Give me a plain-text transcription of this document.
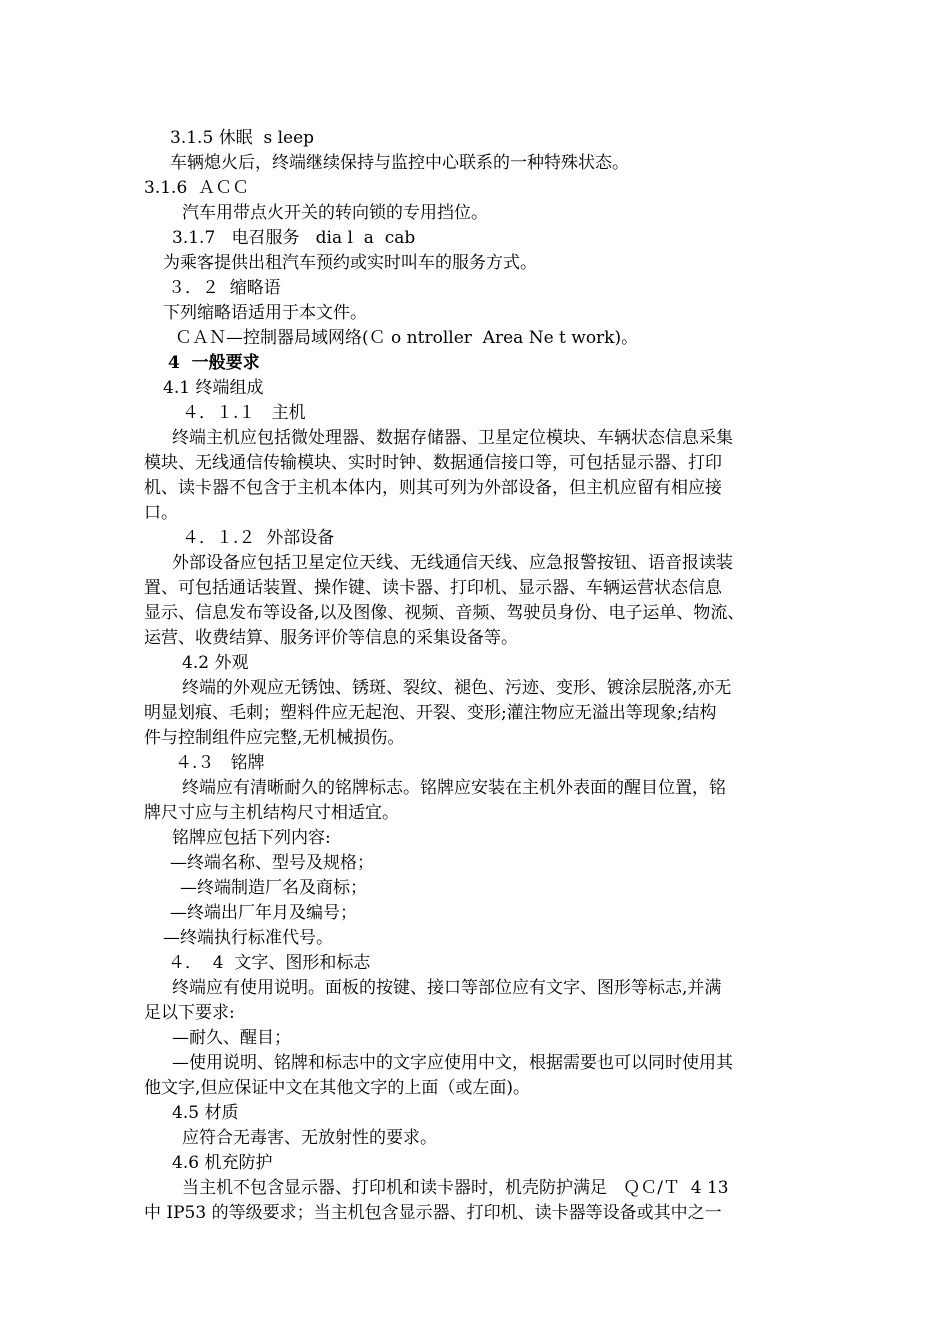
3.1.5 休眠  s leep
车辆熄火后，终端继续保持与监控中心联系的一种特殊状态。
3.1.6  ＡＣＣ
汽车用带点火开关的转向锁的专用挡位。
3.1.7   电召服务   dia l  a  cab
为乘客提供出租汽车预约或实时叫车的服务方式。
３．２  缩略语
下列缩略语适用于本文件。
ＣＡＮ—控制器局域网络(Ｃ o ntroller  Area Ne t work)。
4  一般要求
4.1 终端组成
４．１.１   主机
终端主机应包括微处理器、数据存储器、卫星定位模块、车辆状态信息采集
模块、无线通信传输模块、实时时钟、数据通信接口等，可包括显示器、打印
机、读卡器不包含于主机本体内，则其可列为外部设备，但主机应留有相应接
口。
４．１.２  外部设备
外部设备应包括卫星定位天线、无线通信天线、应急报警按钮、语音报读装
置、可包括通话装置、操作键、读卡器、打印机、显示器、车辆运营状态信息
显示、信息发布等设备,以及图像、视频、音频、驾驶员身份、电子运单、物流、
运营、收费结算、服务评价等信息的采集设备等。
4.2 外观
终端的外观应无锈蚀、锈斑、裂纹、褪色、污迹、变形、镀涂层脱落,亦无
明显划痕、毛刺；塑料件应无起泡、开裂、变形;灌注物应无溢出等现象;结构
件与控制组件应完整,无机械损伤。
４.３   铭牌
终端应有清晰耐久的铭牌标志。铭牌应安装在主机外表面的醒目位置，铭
牌尺寸应与主机结构尺寸相适宜。
铭牌应包括下列内容:
—终端名称、型号及规格；
—终端制造厂名及商标；
—终端出厂年月及编号；
—终端执行标准代号。
４．  4  文字、图形和标志
终端应有使用说明。面板的按键、接口等部位应有文字、图形等标志,并满
足以下要求:
—耐久、醒目；
—使用说明、铭牌和标志中的文字应使用中文，根据需要也可以同时使用其
他文字,但应保证中文在其他文字的上面（或左面)。
4.5 材质
应符合无毒害、无放射性的要求。
4.6 机充防护
当主机不包含显示器、打印机和读卡器时，机壳防护满足   ＱＣ/Ｔ  4 13
中 IP53 的等级要求；当主机包含显示器、打印机、读卡器等设备或其中之一
